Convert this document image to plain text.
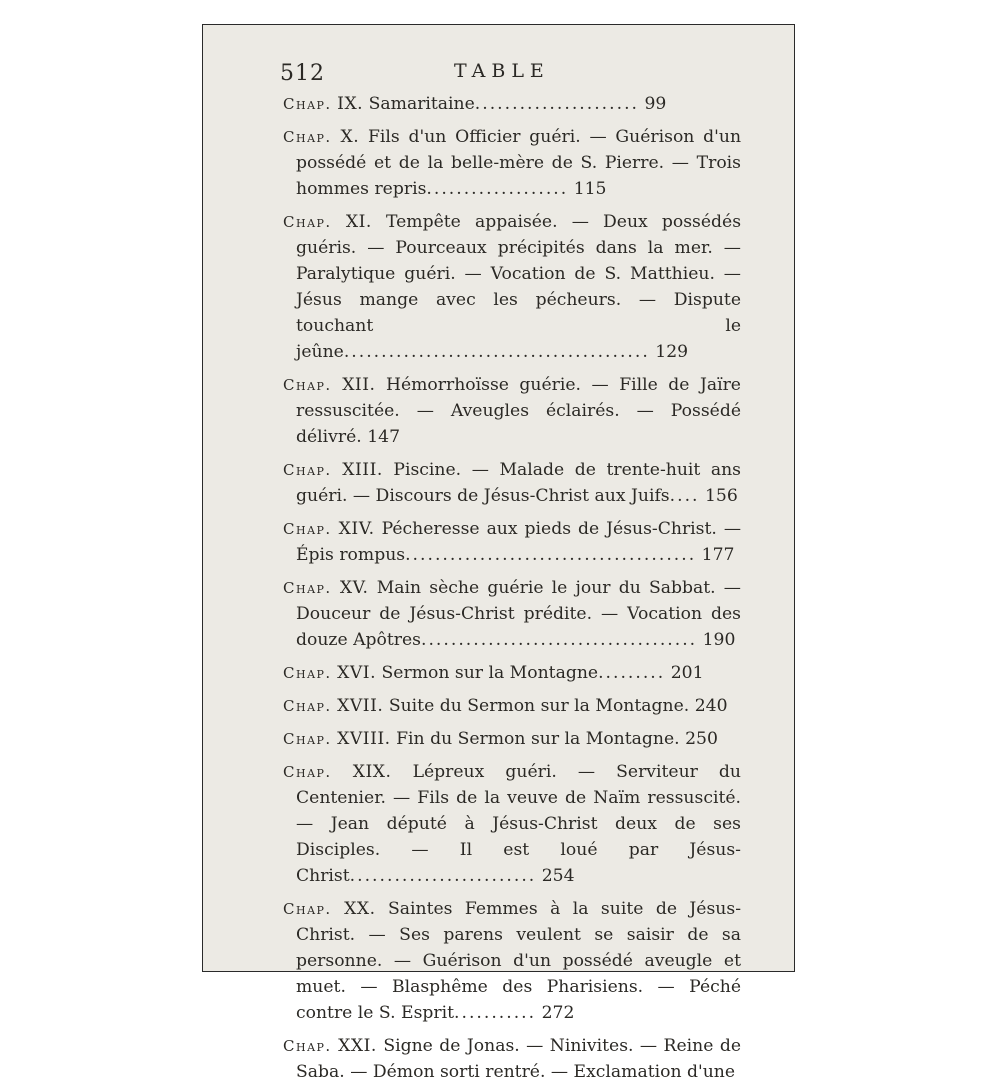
512	TABLE
Chap. IX. Samaritaine...................... 99
Chap. X. Fils d'un Officier guéri. — Guérison d'un possédé et de la belle-mère de S. Pierre. — Trois hommes repris................... 115
Chap. XI. Tempête appaisée. — Deux possédés guéris. — Pourceaux précipités dans la mer. — Paralytique guéri. — Vocation de S. Matthieu. — Jésus mange avec les pécheurs. — Dispute touchant le jeûne......................................... 129
Chap. XII. Hémorrhoïsse guérie. — Fille de Jaïre ressuscitée. — Aveugles éclairés. — Possédé délivré. 147
Chap. XIII. Piscine. — Malade de trente-huit ans guéri. — Discours de Jésus-Christ aux Juifs.... 156
Chap. XIV. Pécheresse aux pieds de Jésus-Christ. — Épis rompus....................................... 177
Chap. XV. Main sèche guérie le jour du Sabbat. — Douceur de Jésus-Christ prédite. — Vocation des douze Apôtres..................................... 190
Chap. XVI. Sermon sur la Montagne......... 201
Chap. XVII. Suite du Sermon sur la Montagne. 240
Chap. XVIII. Fin du Sermon sur la Montagne. 250
Chap. XIX. Lépreux guéri. — Serviteur du Centenier. — Fils de la veuve de Naïm ressuscité. — Jean député à Jésus-Christ deux de ses Disciples. — Il est loué par Jésus-Christ......................... 254
Chap. XX. Saintes Femmes à la suite de Jésus-Christ. — Ses parens veulent se saisir de sa personne. — Guérison d'un possédé aveugle et muet. — Blasphême des Pharisiens. — Péché contre le S. Esprit........... 272
Chap. XXI. Signe de Jonas. — Ninivites. — Reine de Saba. — Démon sorti rentré. — Exclamation d'une
